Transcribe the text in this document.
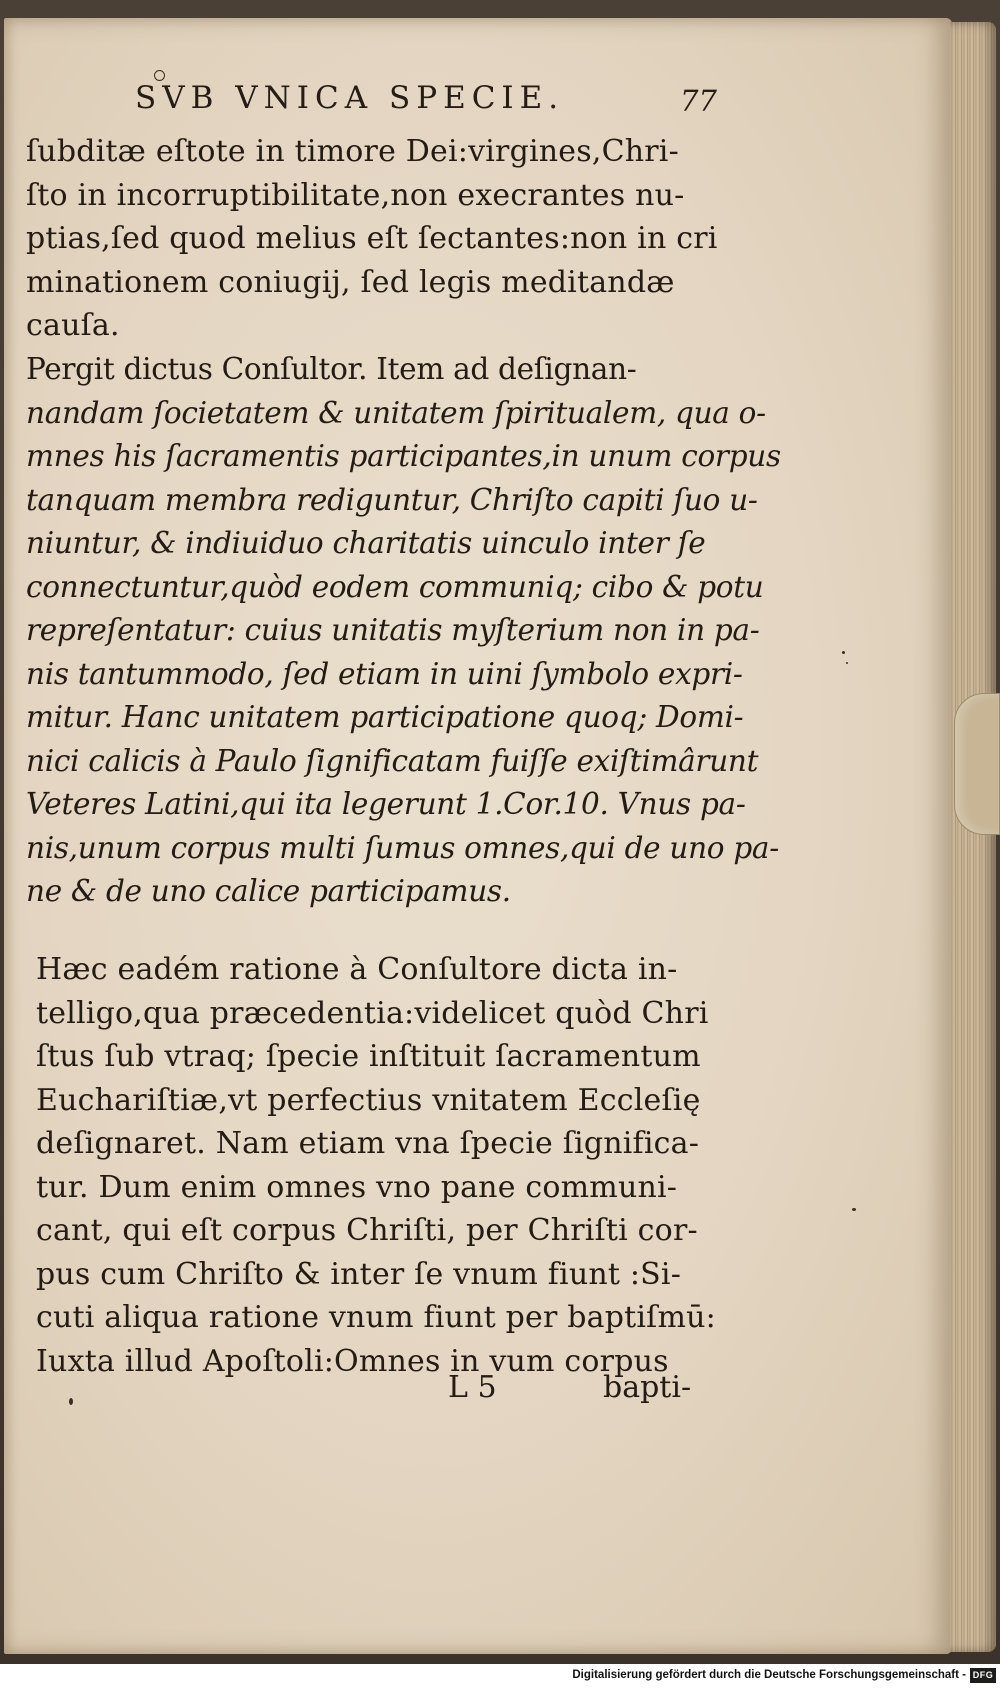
SVB VNICA SPECIE.	77
ſubditæ eſtote in timore Dei:virgines,Chri-
ſto in incorruptibilitate,non execrantes nu-
ptias,ſed quod melius eſt ſectantes:non in cri
minationem coniugij, ſed legis meditandæ
cauſa.
Pergit dictus Conſultor. Item ad deſignan-
nandam ſocietatem & unitatem ſpiritualem, qua o-
mnes his ſacramentis participantes,in unum corpus
tanquam membra rediguntur, Chriſto capiti ſuo u-
niuntur, & indiuiduo charitatis uinculo inter ſe
connectuntur,quòd eodem communiq; cibo & potu
repreſentatur: cuius unitatis myſterium non in pa-
nis tantummodo, ſed etiam in uini ſymbolo expri-
mitur. Hanc unitatem participatione quoq; Domi-
nici calicis à Paulo ſignificatam fuiſſe exiſtimârunt
Veteres Latini,qui ita legerunt 1.Cor.10. Vnus pa-
nis,unum corpus multi ſumus omnes,qui de uno pa-
ne & de uno calice participamus.
Hæc eadém ratione à Conſultore dicta in-
telligo,qua præcedentia:videlicet quòd Chri
ſtus ſub vtraq; ſpecie inſtituit ſacramentum
Euchariſtiæ,vt perfectius vnitatem Eccleſię
deſignaret. Nam etiam vna ſpecie ſignifica-
tur. Dum enim omnes vno pane communi-
cant, qui eſt corpus Chriſti, per Chriſti cor-
pus cum Chriſto & inter ſe vnum fiunt :Si-
cuti aliqua ratione vnum fiunt per baptiſmū:
Iuxta illud Apoſtoli:Omnes in vum corpus
L 5	bapti-
Digitalisierung gefördert durch die Deutsche Forschungsgemeinschaft - DFG
